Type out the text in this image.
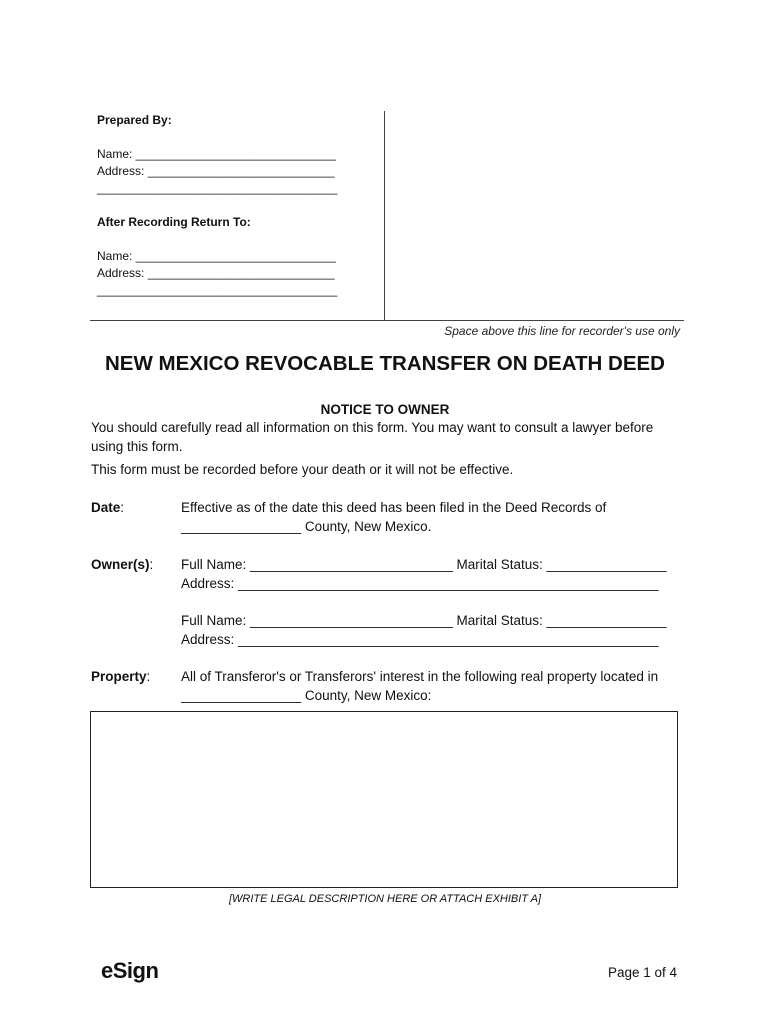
Prepared By:
Name: ______________________________
Address: ____________________________
____________________________________
After Recording Return To:
Name: ______________________________
Address: ____________________________
____________________________________
Space above this line for recorder's use only
NEW MEXICO REVOCABLE TRANSFER ON DEATH DEED
NOTICE TO OWNER
You should carefully read all information on this form. You may want to consult a lawyer before
using this form.
This form must be recorded before your death or it will not be effective.
Date:	Effective as of the date this deed has been filed in the Deed Records of
________________ County, New Mexico.
Owner(s): Full Name: ___________________________ Marital Status: ________________
Address: ________________________________________________________
Full Name: ___________________________ Marital Status: ________________
Address: ________________________________________________________
Property: All of Transferor's or Transferors' interest in the following real property located in
________________ County, New Mexico:
[WRITE LEGAL DESCRIPTION HERE OR ATTACH EXHIBIT A]
eSign	Page 1 of 4
